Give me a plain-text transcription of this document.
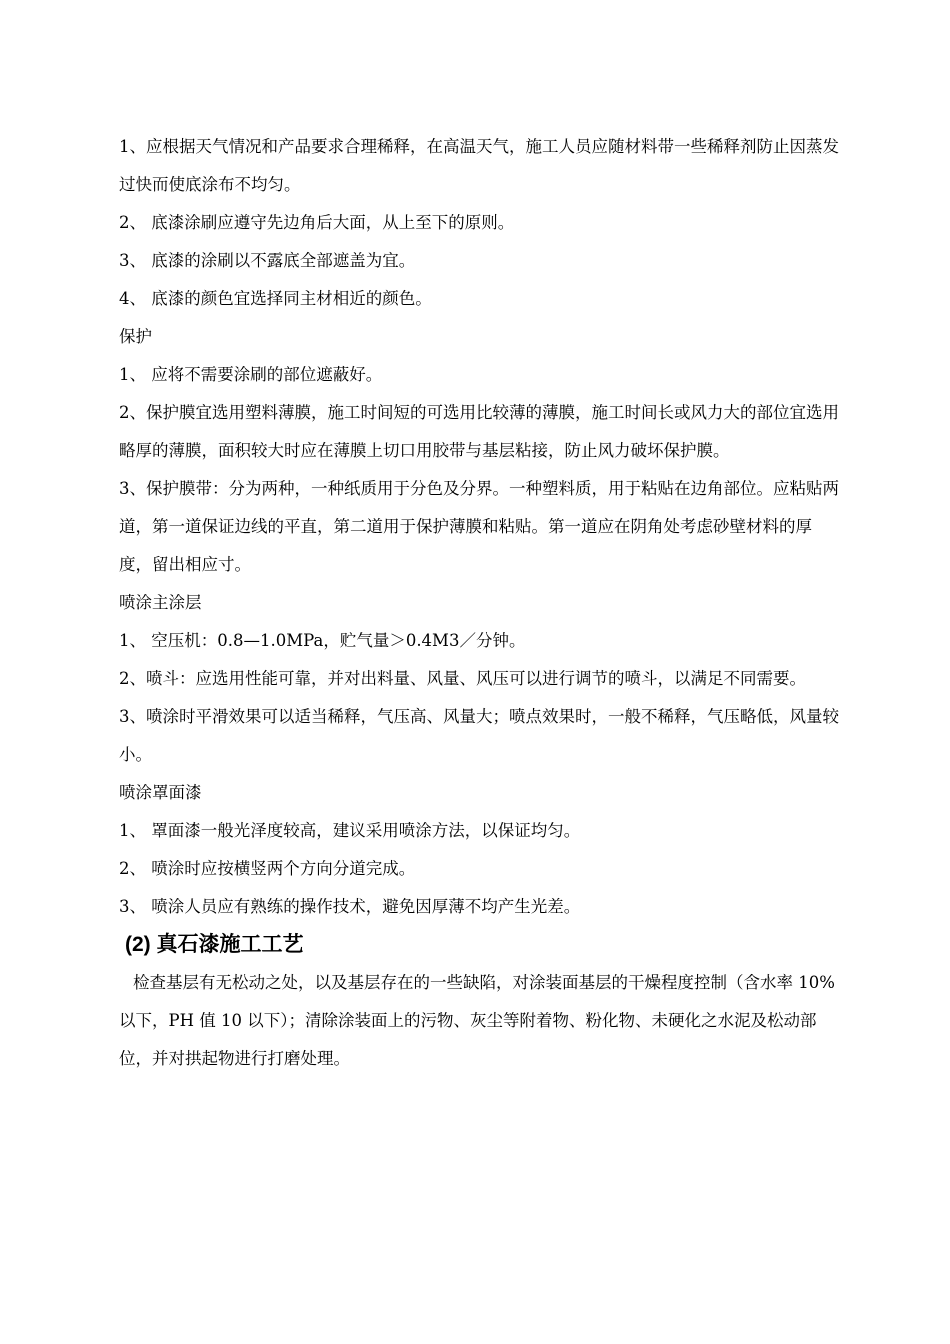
1、应根据天气情况和产品要求合理稀释，在高温天气，施工人员应随材料带一些稀释剂防止因蒸发过快而使底涂布不均匀。

2、 底漆涂刷应遵守先边角后大面，从上至下的原则。

3、 底漆的涂刷以不露底全部遮盖为宜。

4、 底漆的颜色宜选择同主材相近的颜色。

保护

1、 应将不需要涂刷的部位遮蔽好。

2、保护膜宜选用塑料薄膜，施工时间短的可选用比较薄的薄膜，施工时间长或风力大的部位宜选用略厚的薄膜，面积较大时应在薄膜上切口用胶带与基层粘接，防止风力破坏保护膜。

3、保护膜带：分为两种，一种纸质用于分色及分界。一种塑料质，用于粘贴在边角部位。应粘贴两道，第一道保证边线的平直，第二道用于保护薄膜和粘贴。第一道应在阴角处考虑砂壁材料的厚度，留出相应寸。

喷涂主涂层

1、 空压机：0.8—1.0MPa，贮气量＞0.4M3／分钟。

2、喷斗：应选用性能可靠，并对出料量、风量、风压可以进行调节的喷斗，以满足不同需要。

3、喷涂时平滑效果可以适当稀释，气压高、风量大；喷点效果时，一般不稀释，气压略低，风量较小。

喷涂罩面漆

1、 罩面漆一般光泽度较高，建议采用喷涂方法，以保证均匀。

2、 喷涂时应按横竖两个方向分道完成。

3、 喷涂人员应有熟练的操作技术，避免因厚薄不均产生光差。

(2) 真石漆施工工艺

检查基层有无松动之处，以及基层存在的一些缺陷，对涂装面基层的干燥程度控制（含水率 10%以下，PH 值 10 以下）；清除涂装面上的污物、灰尘等附着物、粉化物、未硬化之水泥及松动部位，并对拱起物进行打磨处理。
